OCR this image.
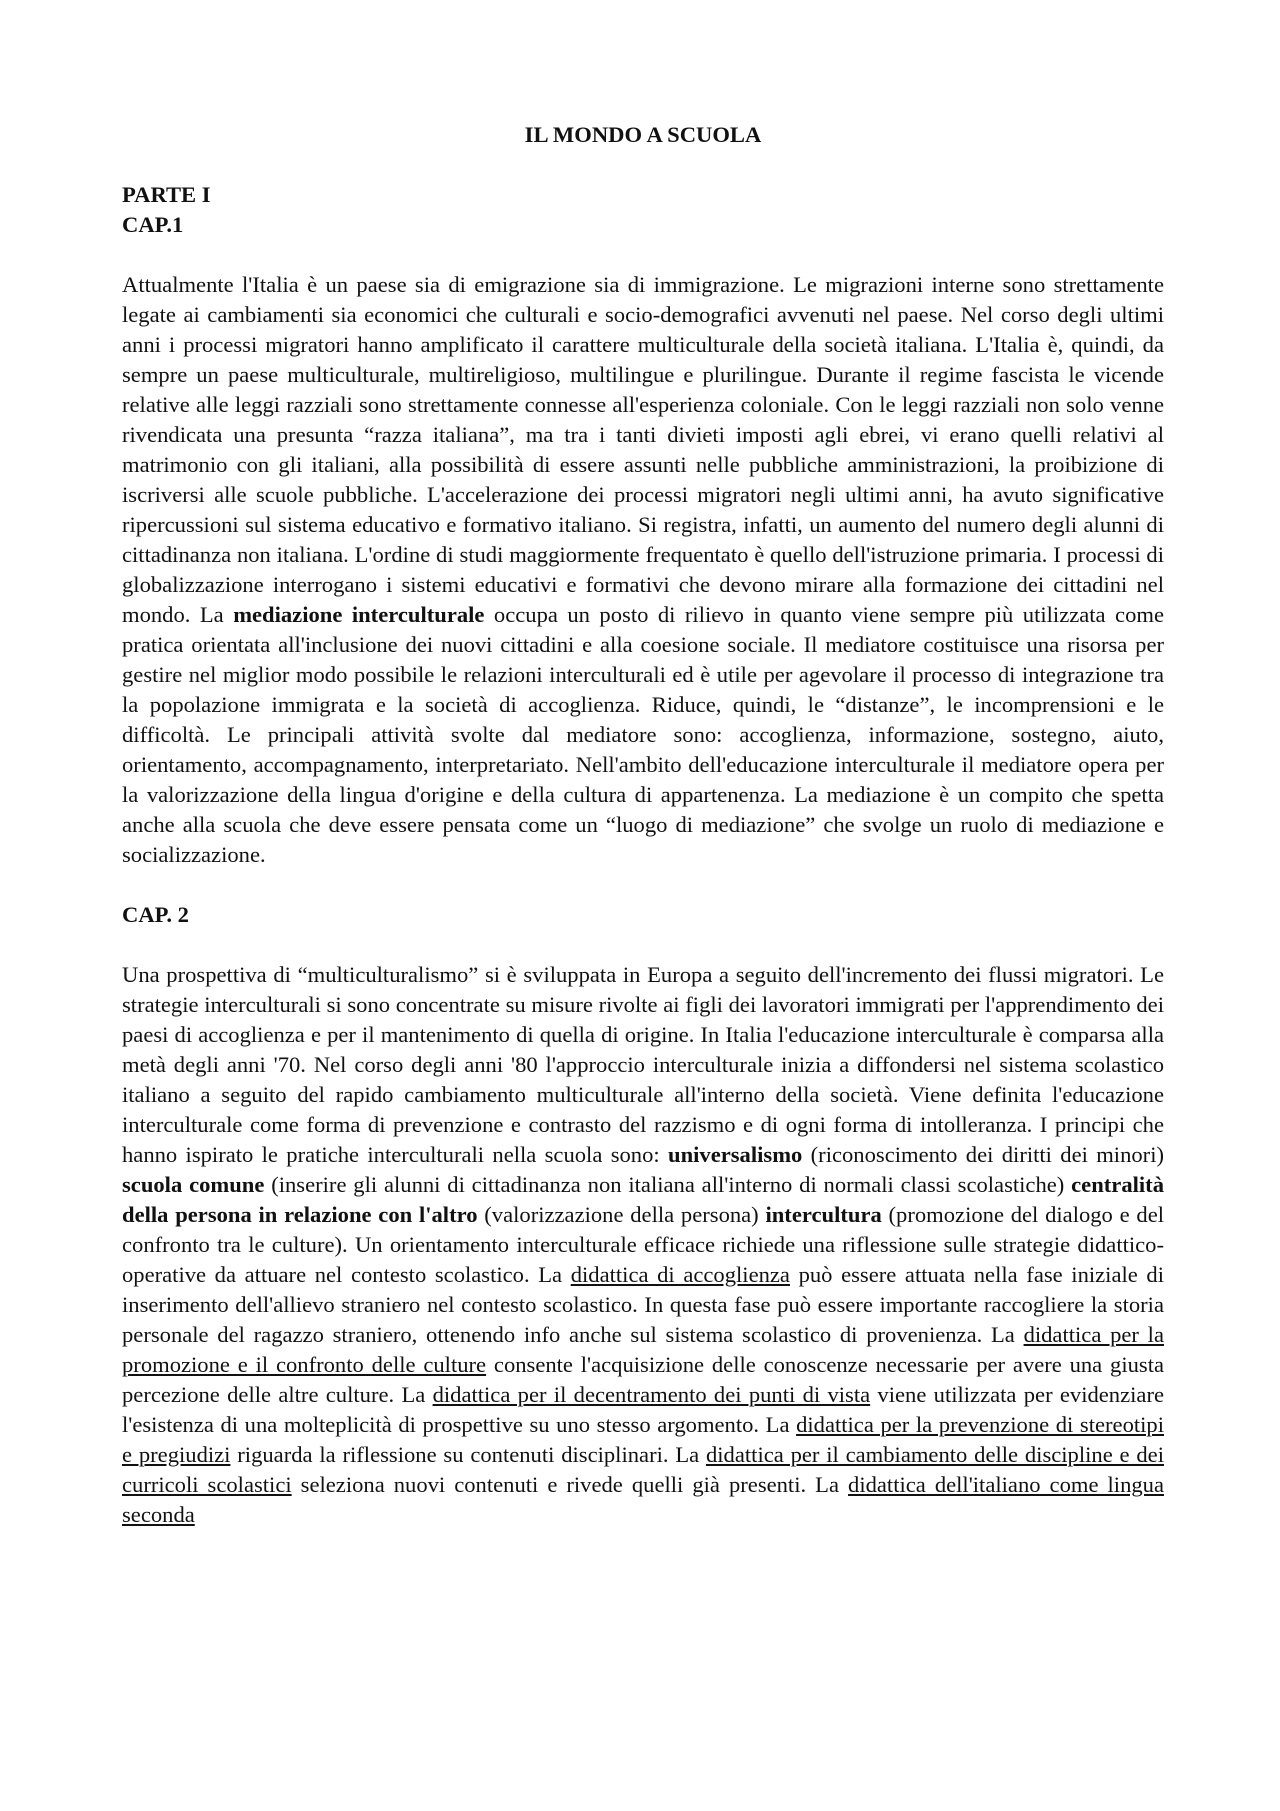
IL MONDO A SCUOLA

PARTE I

CAP.1

Attualmente l'Italia è un paese sia di emigrazione sia di immigrazione. Le migrazioni interne sono strettamente legate ai cambiamenti sia economici che culturali e socio-demografici avvenuti nel paese. Nel corso degli ultimi anni i processi migratori hanno amplificato il carattere multiculturale della società italiana. L'Italia è, quindi, da sempre un paese multiculturale, multireligioso, multilingue e plurilingue. Durante il regime fascista le vicende relative alle leggi razziali sono strettamente connesse all'esperienza coloniale. Con le leggi razziali non solo venne rivendicata una presunta “razza italiana”, ma tra i tanti divieti imposti agli ebrei, vi erano quelli relativi al matrimonio con gli italiani, alla possibilità di essere assunti nelle pubbliche amministrazioni, la proibizione di iscriversi alle scuole pubbliche. L'accelerazione dei processi migratori negli ultimi anni, ha avuto significative ripercussioni sul sistema educativo e formativo italiano. Si registra, infatti, un aumento del numero degli alunni di cittadinanza non italiana. L'ordine di studi maggiormente frequentato è quello dell'istruzione primaria. I processi di globalizzazione interrogano i sistemi educativi e formativi che devono mirare alla formazione dei cittadini nel mondo. La mediazione interculturale occupa un posto di rilievo in quanto viene sempre più utilizzata come pratica orientata all'inclusione dei nuovi cittadini e alla coesione sociale. Il mediatore costituisce una risorsa per gestire nel miglior modo possibile le relazioni interculturali ed è utile per agevolare il processo di integrazione tra la popolazione immigrata e la società di accoglienza. Riduce, quindi, le “distanze”, le incomprensioni e le difficoltà. Le principali attività svolte dal mediatore sono: accoglienza, informazione, sostegno, aiuto, orientamento, accompagnamento, interpretariato. Nell'ambito dell'educazione interculturale il mediatore opera per la valorizzazione della lingua d'origine e della cultura di appartenenza. La mediazione è un compito che spetta anche alla scuola che deve essere pensata come un “luogo di mediazione” che svolge un ruolo di mediazione e socializzazione.

CAP. 2

Una prospettiva di “multiculturalismo” si è sviluppata in Europa a seguito dell'incremento dei flussi migratori. Le strategie interculturali si sono concentrate su misure rivolte ai figli dei lavoratori immigrati per l'apprendimento dei paesi di accoglienza e per il mantenimento di quella di origine. In Italia l'educazione interculturale è comparsa alla metà degli anni '70. Nel corso degli anni '80 l'approccio interculturale inizia a diffondersi nel sistema scolastico italiano a seguito del rapido cambiamento multiculturale all'interno della società. Viene definita l'educazione interculturale come forma di prevenzione e contrasto del razzismo e di ogni forma di intolleranza. I principi che hanno ispirato le pratiche interculturali nella scuola sono: universalismo (riconoscimento dei diritti dei minori) scuola comune (inserire gli alunni di cittadinanza non italiana all'interno di normali classi scolastiche) centralità della persona in relazione con l'altro (valorizzazione della persona) intercultura (promozione del dialogo e del confronto tra le culture). Un orientamento interculturale efficace richiede una riflessione sulle strategie didattico-operative da attuare nel contesto scolastico. La didattica di accoglienza può essere attuata nella fase iniziale di inserimento dell'allievo straniero nel contesto scolastico. In questa fase può essere importante raccogliere la storia personale del ragazzo straniero, ottenendo info anche sul sistema scolastico di provenienza. La didattica per la promozione e il confronto delle culture consente l'acquisizione delle conoscenze necessarie per avere una giusta percezione delle altre culture. La didattica per il decentramento dei punti di vista viene utilizzata per evidenziare l'esistenza di una molteplicità di prospettive su uno stesso argomento. La didattica per la prevenzione di stereotipi e pregiudizi riguarda la riflessione su contenuti disciplinari. La didattica per il cambiamento delle discipline e dei curricoli scolastici seleziona nuovi contenuti e rivede quelli già presenti. La didattica dell'italiano come lingua seconda
